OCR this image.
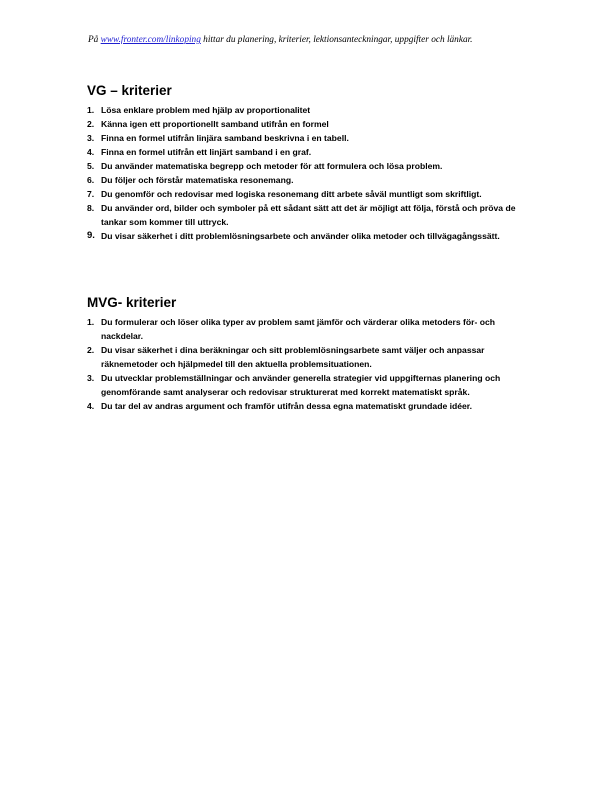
På www.fronter.com/linkoping hittar du planering, kriterier, lektionsanteckningar, uppgifter och länkar.
VG – kriterier
1. Lösa enklare problem med hjälp av proportionalitet
2. Känna igen ett proportionellt samband utifrån en formel
3. Finna en formel utifrån linjära samband beskrivna i en tabell.
4. Finna en formel utifrån ett linjärt samband i en graf.
5. Du använder matematiska begrepp och metoder för att formulera och lösa problem.
6. Du följer och förstår matematiska resonemang.
7. Du genomför och redovisar med logiska resonemang ditt arbete såväl muntligt som skriftligt.
8. Du använder ord, bilder och symboler på ett sådant sätt att det är möjligt att följa, förstå och pröva de tankar som kommer till uttryck.
9. Du visar säkerhet i ditt problemlösningsarbete och använder olika metoder och tillvägagångssätt.
MVG- kriterier
1. Du formulerar och löser olika typer av problem samt jämför och värderar olika metoders för- och nackdelar.
2. Du visar säkerhet i dina beräkningar och sitt problemlösningsarbete samt väljer och anpassar räknemetoder och hjälpmedel till den aktuella problemsituationen.
3. Du utvecklar problemställningar och använder generella strategier vid uppgifternas planering och genomförande samt analyserar och redovisar strukturerat med korrekt matematiskt språk.
4. Du tar del av andras argument och framför utifrån dessa egna matematiskt grundade idéer.
